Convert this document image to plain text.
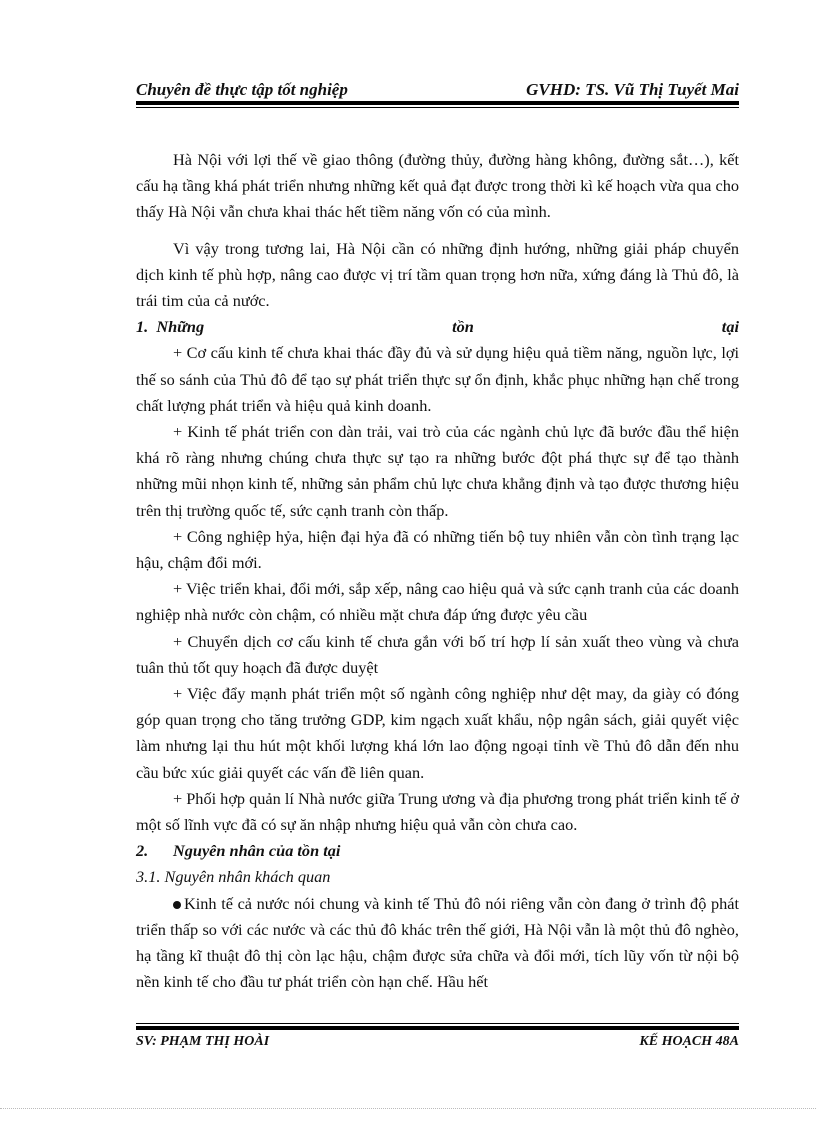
Chuyên đề thực tập tốt nghiệp	GVHD: TS. Vũ Thị Tuyết Mai

Hà Nội với lợi thế về giao thông (đường thủy, đường hàng không, đường sắt…), kết cấu hạ tầng khá phát triển nhưng những kết quả đạt được trong thời kì kế hoạch vừa qua cho thấy Hà Nội vẫn chưa khai thác hết tiềm năng vốn có của mình.

Vì vậy trong tương lai, Hà Nội cần có những định hướng, những giải pháp chuyển dịch kinh tế phù hợp, nâng cao được vị trí tầm quan trọng hơn nữa, xứng đáng là Thủ đô, là trái tim của cả nước.

1. Những	tồn	tại

+ Cơ cấu kinh tế chưa khai thác đầy đủ và sử dụng hiệu quả tiềm năng, nguồn lực, lợi thế so sánh của Thủ đô để tạo sự phát triển thực sự ổn định, khắc phục những hạn chế trong chất lượng phát triển và hiệu quả kinh doanh.

+ Kinh tế phát triển con dàn trải, vai trò của các ngành chủ lực đã bước đầu thể hiện khá rõ ràng nhưng chúng chưa thực sự tạo ra những bước đột phá thực sự để tạo thành những mũi nhọn kinh tế, những sản phẩm chủ lực chưa khẳng định và tạo được thương hiệu trên thị trường quốc tế, sức cạnh tranh còn thấp.

+ Công nghiệp hỷa, hiện đại hỷa đã có những tiến bộ tuy nhiên vẫn còn tình trạng lạc hậu, chậm đổi mới.

+ Việc triển khai, đổi mới, sắp xếp, nâng cao hiệu quả và sức cạnh tranh của các doanh nghiệp nhà nước còn chậm, có nhiều mặt chưa đáp ứng được yêu cầu

+ Chuyển dịch cơ cấu kinh tế chưa gắn với bố trí hợp lí sản xuất theo vùng và chưa tuân thủ tốt quy hoạch đã được duyệt

+ Việc đẩy mạnh phát triển một số ngành công nghiệp như dệt may, da giày có đóng góp quan trọng cho tăng trưởng GDP, kim ngạch xuất khẩu, nộp ngân sách, giải quyết việc làm nhưng lại thu hút một khối lượng khá lớn lao động ngoại tỉnh về Thủ đô dẫn đến nhu cầu bức xúc giải quyết các vấn đề liên quan.

+ Phối hợp quản lí Nhà nước giữa Trung ương và địa phương trong phát triển kinh tế ở một số lĩnh vực đã có sự ăn nhập nhưng hiệu quả vẫn còn chưa cao.

2.	Nguyên nhân của tồn tại

3.1. Nguyên nhân khách quan

Kinh tế cả nước nói chung và kinh tế Thủ đô nói riêng vẫn còn đang ở trình độ phát triển thấp so với các nước và các thủ đô khác trên thế giới, Hà Nội vẫn là một thủ đô nghèo, hạ tầng kĩ thuật đô thị còn lạc hậu, chậm được sửa chữa và đổi mới, tích lũy vốn từ nội bộ nền kinh tế cho đầu tư phát triển còn hạn chế. Hầu hết

SV: PHẠM THỊ HOÀI	KẾ HOẠCH 48A
